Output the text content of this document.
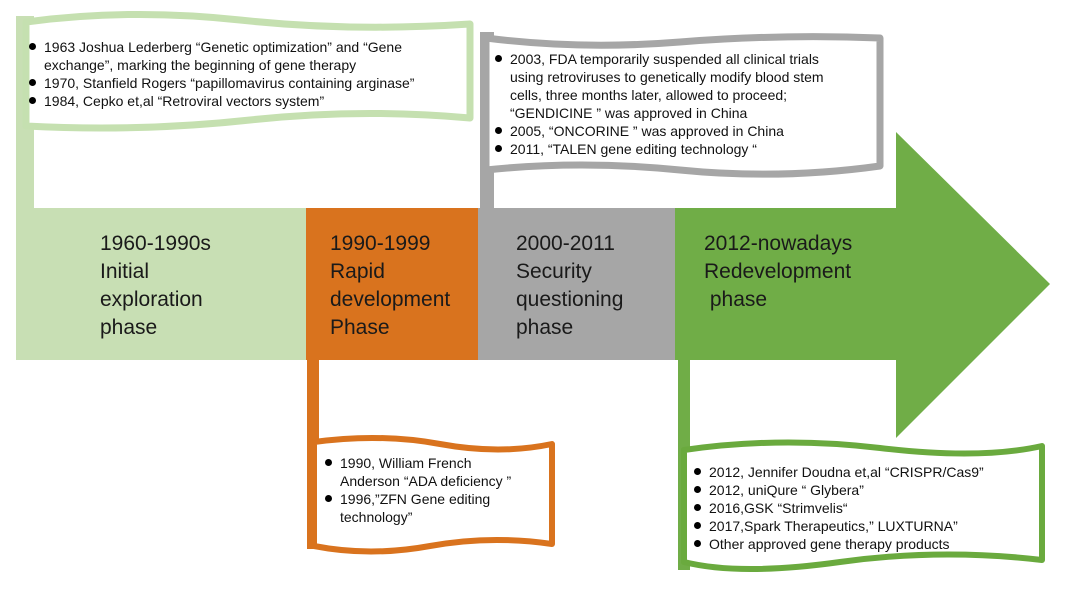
1960-1990s
Initial
exploration
phase
1990-1999
Rapid
development
Phase
2000-2011
Security
questioning
phase
2012-nowadays
Redevelopment
phase
1963 Joshua Lederberg “Genetic optimization” and “Gene
exchange”, marking the beginning of gene therapy
1970, Stanfield Rogers “papillomavirus containing arginase”
1984, Cepko et,al “Retroviral vectors system”
1990, William French
Anderson “ADA deficiency ”
1996,”ZFN Gene editing
technology”
2003, FDA temporarily suspended all clinical trials
using retroviruses to genetically modify blood stem
cells, three months later, allowed to proceed;
“GENDICINE ” was approved in China
2005, “ONCORINE ” was approved in China
2011, “TALEN gene editing technology “
2012, Jennifer Doudna et,al “CRISPR/Cas9”
2012, uniQure “ Glybera”
2016,GSK “Strimvelis“
2017,Spark Therapeutics,” LUXTURNA”
Other approved gene therapy products
